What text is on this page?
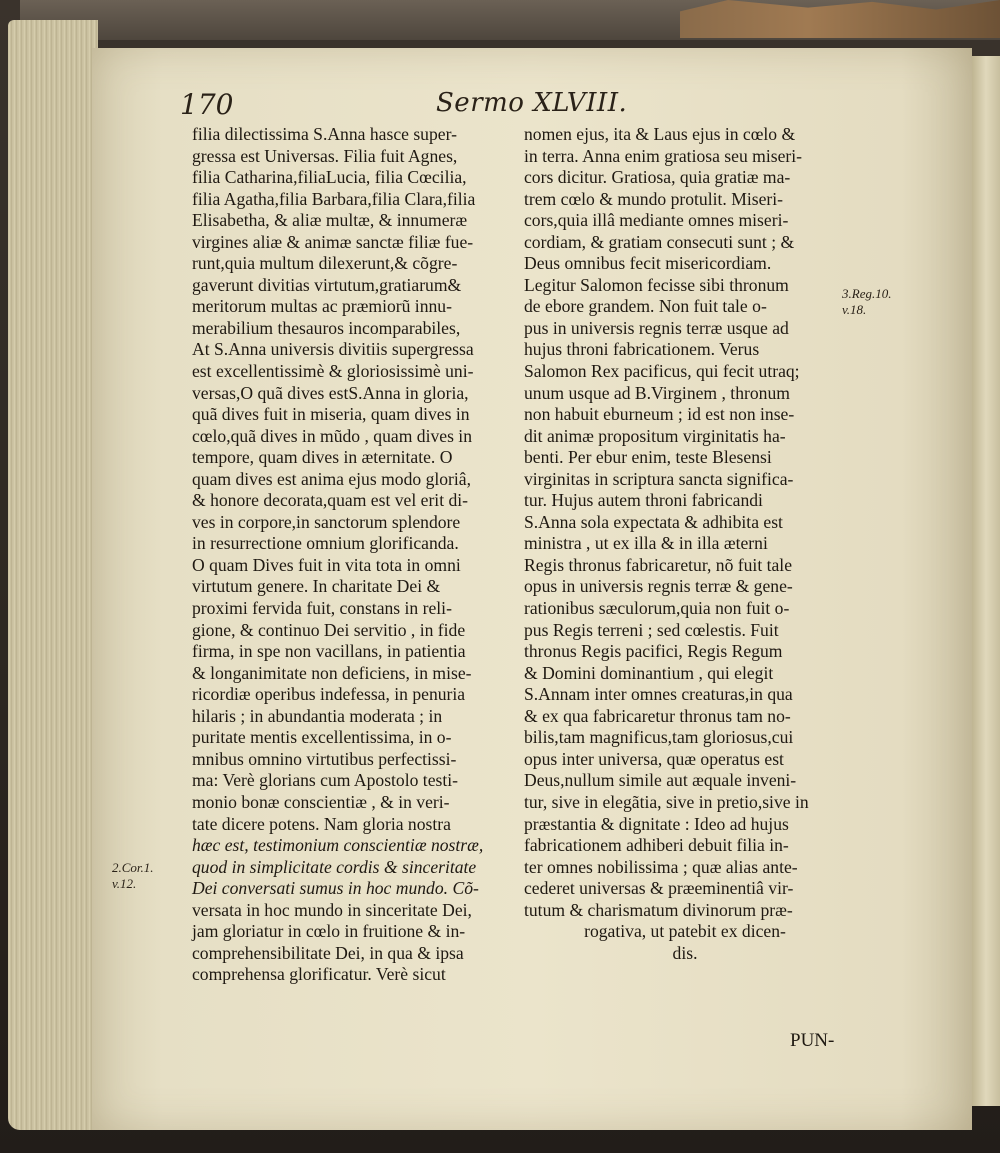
170	Sermo XLVIII.
filia dilectissima S.Anna hasce super-
gressa est Universas. Filia fuit Agnes,
filia Catharina,filiaLucia, filia Cœcilia,
filia Agatha,filia Barbara,filia Clara,filia
Elisabetha, & aliæ multæ, & innumeræ
virgines aliæ & animæ sanctæ filiæ fue-
runt,quia multum dilexerunt,& cõgre-
gaverunt divitias virtutum,gratiarum&
meritorum multas ac præmiorũ innu-
merabilium thesauros incomparabiles,
At S.Anna universis divitiis supergressa
est excellentissimè & gloriosissimè uni-
versas,O quã dives estS.Anna in gloria,
quã dives fuit in miseria, quam dives in
cœlo,quã dives in mũdo , quam dives in
tempore, quam dives in æternitate. O
quam dives est anima ejus modo gloriâ,
& honore decorata,quam est vel erit di-
ves in corpore,in sanctorum splendore
in resurrectione omnium glorificanda.
O quam Dives fuit in vita tota in omni
virtutum genere. In charitate Dei &
proximi fervida fuit, constans in reli-
gione, & continuo Dei servitio , in fide
firma, in spe non vacillans, in patientia
& longanimitate non deficiens, in mise-
ricordiæ operibus indefessa, in penuria
hilaris ; in abundantia moderata ; in
puritate mentis excellentissima, in o-
mnibus omnino virtutibus perfectissi-
ma: Verè glorians cum Apostolo testi-
monio bonæ conscientiæ , & in veri-
tate dicere potens. Nam gloria nostra
hæc est, testimonium conscientiæ nostræ,
quod in simplicitate cordis & sinceritate
Dei conversati sumus in hoc mundo. Cõ-
versata in hoc mundo in sinceritate Dei,
jam gloriatur in cœlo in fruitione & in-
comprehensibilitate Dei, in qua & ipsa
comprehensa glorificatur. Verè sicut
nomen ejus, ita & Laus ejus in cœlo &
in terra. Anna enim gratiosa seu miseri-
cors dicitur. Gratiosa, quia gratiæ ma-
trem cœlo & mundo protulit. Miseri-
cors,quia illâ mediante omnes miseri-
cordiam, & gratiam consecuti sunt ; &
Deus omnibus fecit misericordiam.
Legitur Salomon fecisse sibi thronum
de ebore grandem. Non fuit tale o-
pus in universis regnis terræ usque ad
hujus throni fabricationem. Verus
Salomon Rex pacificus, qui fecit utraq;
unum usque ad B.Virginem , thronum
non habuit eburneum ; id est non inse-
dit animæ propositum virginitatis ha-
benti. Per ebur enim, teste Blesensi
virginitas in scriptura sancta significa-
tur. Hujus autem throni fabricandi
S.Anna sola expectata & adhibita est
ministra , ut ex illa & in illa æterni
Regis thronus fabricaretur, nõ fuit tale
opus in universis regnis terræ & gene-
rationibus sæculorum,quia non fuit o-
pus Regis terreni ; sed cœlestis. Fuit
thronus Regis pacifici, Regis Regum
& Domini dominantium , qui elegit
S.Annam inter omnes creaturas,in qua
& ex qua fabricaretur thronus tam no-
bilis,tam magnificus,tam gloriosus,cui
opus inter universa, quæ operatus est
Deus,nullum simile aut æquale inveni-
tur, sive in elegãtia, sive in pretio,sive in
præstantia & dignitate : Ideo ad hujus
fabricationem adhiberi debuit filia in-
ter omnes nobilissima ; quæ alias ante-
cederet universas & præeminentiâ vir-
tutum & charismatum divinorum præ-
rogativa, ut patebit ex dicen-
dis.
2.Cor.1.
v.12.
3.Reg.10.
v.18.
PUN-
